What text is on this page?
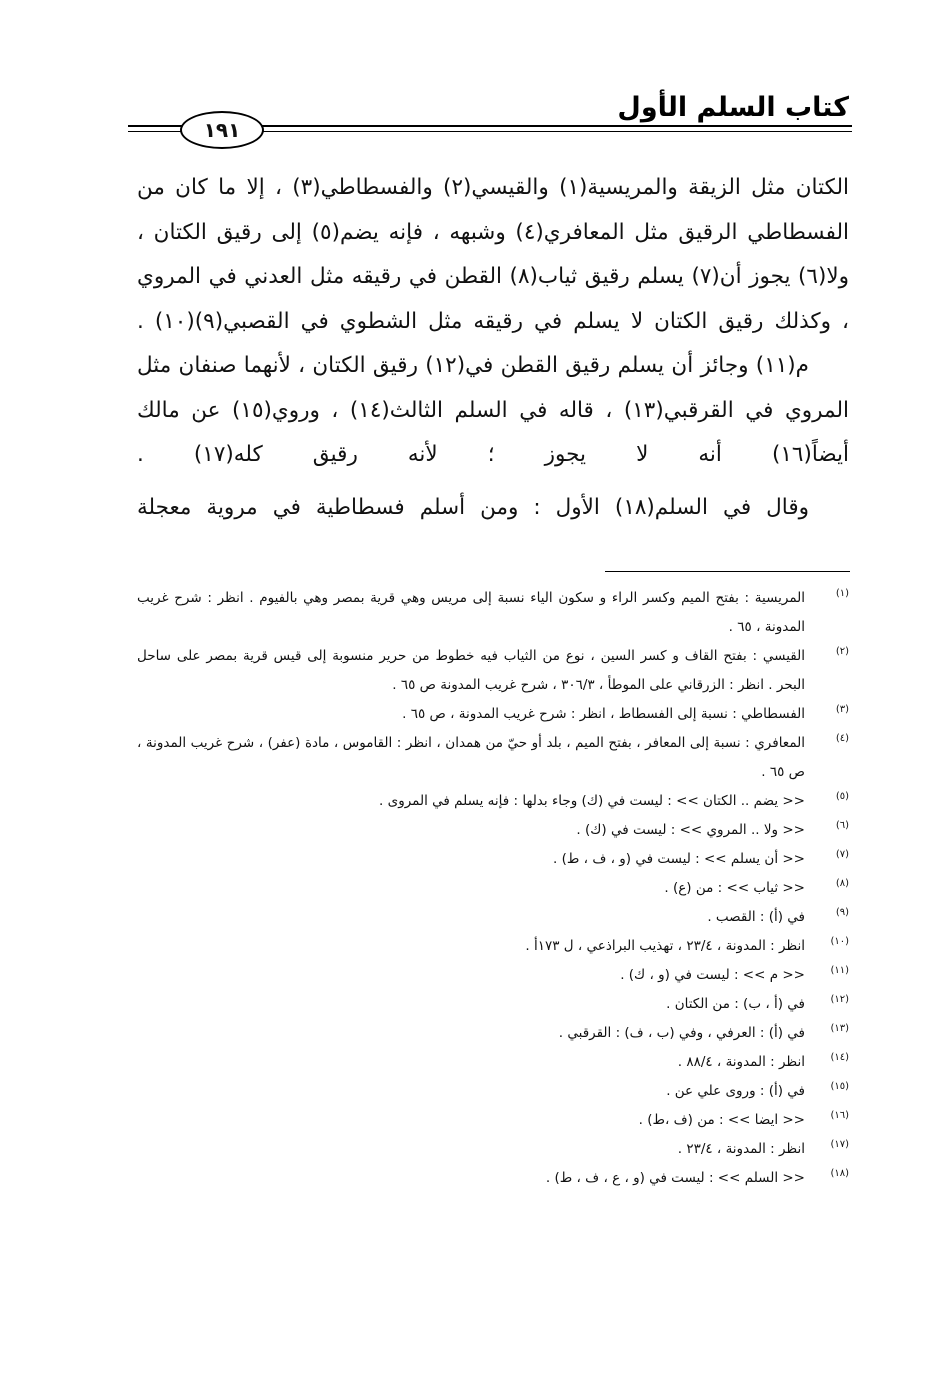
كتاب السلم الأول
١٩١

الكتان مثل الزيقة والمريسية(١) والقيسي(٢) والفسطاطي(٣) ، إلا ما كان من الفسطاطي الرقيق مثل المعافري(٤) وشبهه ، فإنه يضم(٥) إلى رقيق الكتان ، ولا(٦) يجوز أن(٧) يسلم رقيق ثياب(٨) القطن في رقيقه مثل العدني في المروي ، وكذلك رقيق الكتان لا يسلم في رقيقه مثل الشطوي في القصبي(٩)(١٠) .

م(١١) وجائز أن يسلم رقيق القطن في(١٢) رقيق الكتان ، لأنهما صنفان مثل المروي في القرقبي(١٣) ، قاله في السلم الثالث(١٤) ، وروي(١٥) عن مالك أيضاً(١٦) أنه لا يجوز ؛ لأنه رقيق كله(١٧) .

وقال في السلم(١٨) الأول : ومن أسلم فسطاطية في مروية معجلة

(١)
المريسية : بفتح الميم وكسر الراء و سكون الياء نسبة إلى مريس وهي قرية بمصر وهي بالفيوم . انظر : شرح غريب المدونة ، ٦٥ .
(٢)
القيسي : بفتح القاف و كسر السين ، نوع من الثياب فيه خطوط من حرير منسوبة إلى قيس قرية بمصر على ساحل البحر . انظر : الزرقاني على الموطأ ، ٣٠٦/٣ ، شرح غريب المدونة ص ٦٥ .
(٣)
الفسطاطي : نسبة إلى الفسطاط ، انظر : شرح غريب المدونة ، ص ٦٥ .
(٤)
المعافري : نسبة إلى المعافر ، بفتح الميم ، بلد أو حيّ من همدان ، انظر : القاموس ، مادة (عفر) ، شرح غريب المدونة ، ص ٦٥ .
(٥)
<< يضم .. الكتان >> : ليست في (ك) وجاء بدلها : فإنه يسلم في المروى .
(٦)
<< ولا .. المروي >> : ليست في (ك) .
(٧)
<< أن يسلم >> : ليست في (و ، ف ، ط) .
(٨)
<< ثياب >> : من (ع) .
(٩)
في (أ) : القصب .
(١٠)
انظر : المدونة ، ٢٣/٤ ، تهذيب البراذعي ، ل ١٧٣أ .
(١١)
<< م >> : ليست في (و ، ك) .
(١٢)
في (أ ، ب) : من الكتان .
(١٣)
في (أ) : العرفي ، وفي (ب ، ف) : القرقبي .
(١٤)
انظر : المدونة ، ٨٨/٤ .
(١٥)
في (أ) : وروى علي عن .
(١٦)
<< ايضا >> : من (ف ،ط) .
(١٧)
انظر : المدونة ، ٢٣/٤ .
(١٨)
<< السلم >> : ليست في (و ، ع ، ف ، ط) .
